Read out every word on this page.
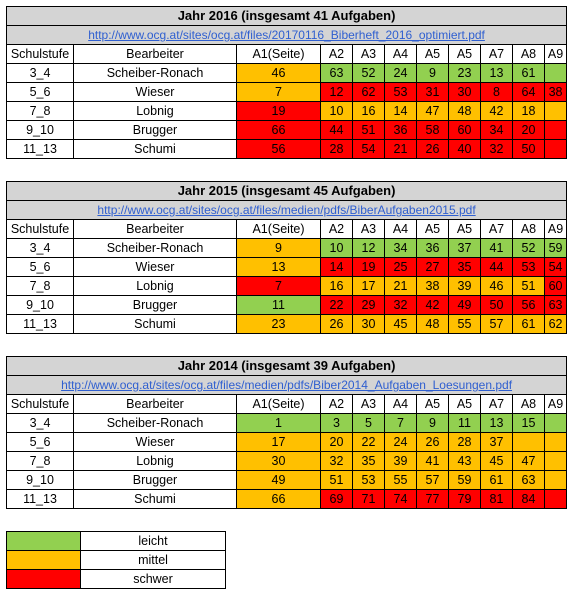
Jahr 2016 (insgesamt 41 Aufgaben)										
http://www.ocg.at/sites/ocg.at/files/20170116_Biberheft_2016_optimiert.pdf										
Schulstufe	Bearbeiter	A1(Seite)	A2	A3	A4	A5	A5	A7	A8	A9
3_4	Scheiber-Ronach	46	63	52	24	9	23	13	61	
5_6	Wieser	7	12	62	53	31	30	8	64	38
7_8	Lobnig	19	10	16	14	47	48	42	18	
9_10	Brugger	66	44	51	36	58	60	34	20	
11_13	Schumi	56	28	54	21	26	40	32	50	
Jahr 2015 (insgesamt 45 Aufgaben)										
http://www.ocg.at/sites/ocg.at/files/medien/pdfs/BiberAufgaben2015.pdf										
Schulstufe	Bearbeiter	A1(Seite)	A2	A3	A4	A5	A5	A7	A8	A9
3_4	Scheiber-Ronach	9	10	12	34	36	37	41	52	59
5_6	Wieser	13	14	19	25	27	35	44	53	54
7_8	Lobnig	7	16	17	21	38	39	46	51	60
9_10	Brugger	11	22	29	32	42	49	50	56	63
11_13	Schumi	23	26	30	45	48	55	57	61	62
Jahr 2014 (insgesamt 39 Aufgaben)										
http://www.ocg.at/sites/ocg.at/files/medien/pdfs/Biber2014_Aufgaben_Loesungen.pdf										
Schulstufe	Bearbeiter	A1(Seite)	A2	A3	A4	A5	A5	A7	A8	A9
3_4	Scheiber-Ronach	1	3	5	7	9	11	13	15	
5_6	Wieser	17	20	22	24	26	28	37		
7_8	Lobnig	30	32	35	39	41	43	45	47	
9_10	Brugger	49	51	53	55	57	59	61	63	
11_13	Schumi	66	69	71	74	77	79	81	84	
	leicht
	mittel
	schwer
